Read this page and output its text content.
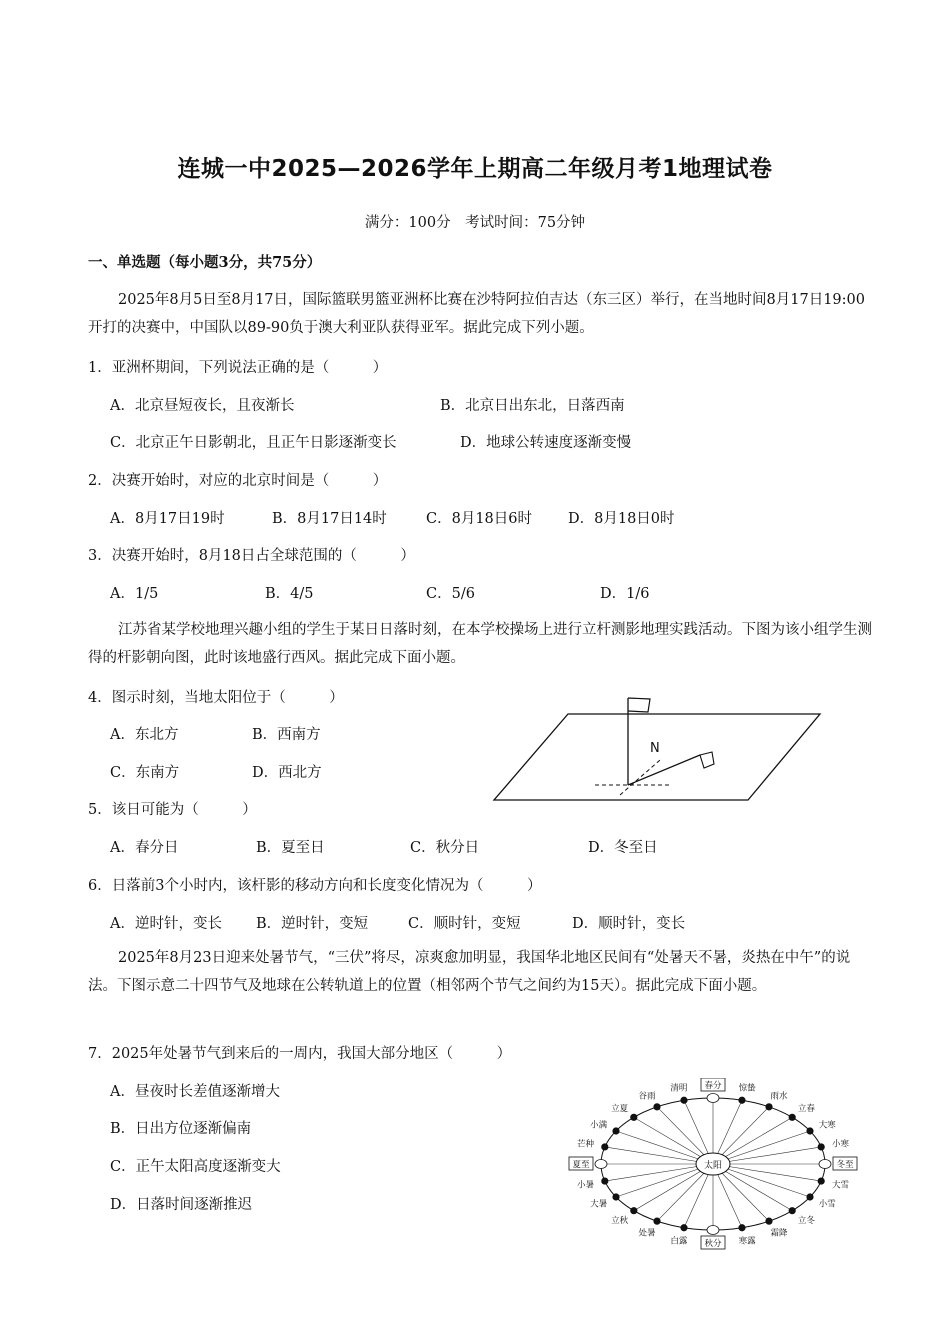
连城一中2025—2026学年上期高二年级月考1地理试卷
满分：100分　考试时间：75分钟
一、单选题（每小题3分，共75分）
2025年8月5日至8月17日，国际篮联男篮亚洲杯比赛在沙特阿拉伯吉达（东三区）举行，在当地时间8月17日19:00开打的决赛中，中国队以89-90负于澳大利亚队获得亚军。据此完成下列小题。
1．亚洲杯期间，下列说法正确的是（　　　）
A．北京昼短夜长，且夜渐长	B．北京日出东北，日落西南
C．北京正午日影朝北，且正午日影逐渐变长	D．地球公转速度逐渐变慢
2．决赛开始时，对应的北京时间是（　　　）
A．8月17日19时	B．8月17日14时	C．8月18日6时 D．8月18日0时
3．决赛开始时，8月18日占全球范围的（　　　）
A．1/5	B．4/5	C．5/6	D．1/6
江苏省某学校地理兴趣小组的学生于某日日落时刻，在本学校操场上进行立杆测影地理实践活动。下图为该小组学生测得的杆影朝向图，此时该地盛行西风。据此完成下面小题。
4．图示时刻，当地太阳位于（　　　）
A．东北方	B．西南方
C．东南方	D．西北方
N
5．该日可能为（　　　）
A．春分日	B．夏至日	C．秋分日	D．冬至日
6．日落前3个小时内，该杆影的移动方向和长度变化情况为（　　　）
A．逆时针，变长 B．逆时针，变短	C．顺时针，变短	D．顺时针，变长
2025年8月23日迎来处暑节气，“三伏”将尽，凉爽愈加明显，我国华北地区民间有“处暑天不暑，炎热在中午”的说法。下图示意二十四节气及地球在公转轨道上的位置（相邻两个节气之间约为15天）。据此完成下面小题。
7．2025年处暑节气到来后的一周内，我国大部分地区（　　　）
A．昼夜时长差值逐渐增大
B．日出方位逐渐偏南
C．正午太阳高度逐渐变大
D．日落时间逐渐推迟
太阳
春分
清明
谷雨
立夏
小满
芒种
夏至
小暑
大暑
立秋
处暑
白露 秋分 寒露
霜降
立冬
小雪
大雪
冬至
小寒
大寒
立春
雨水
惊蛰
